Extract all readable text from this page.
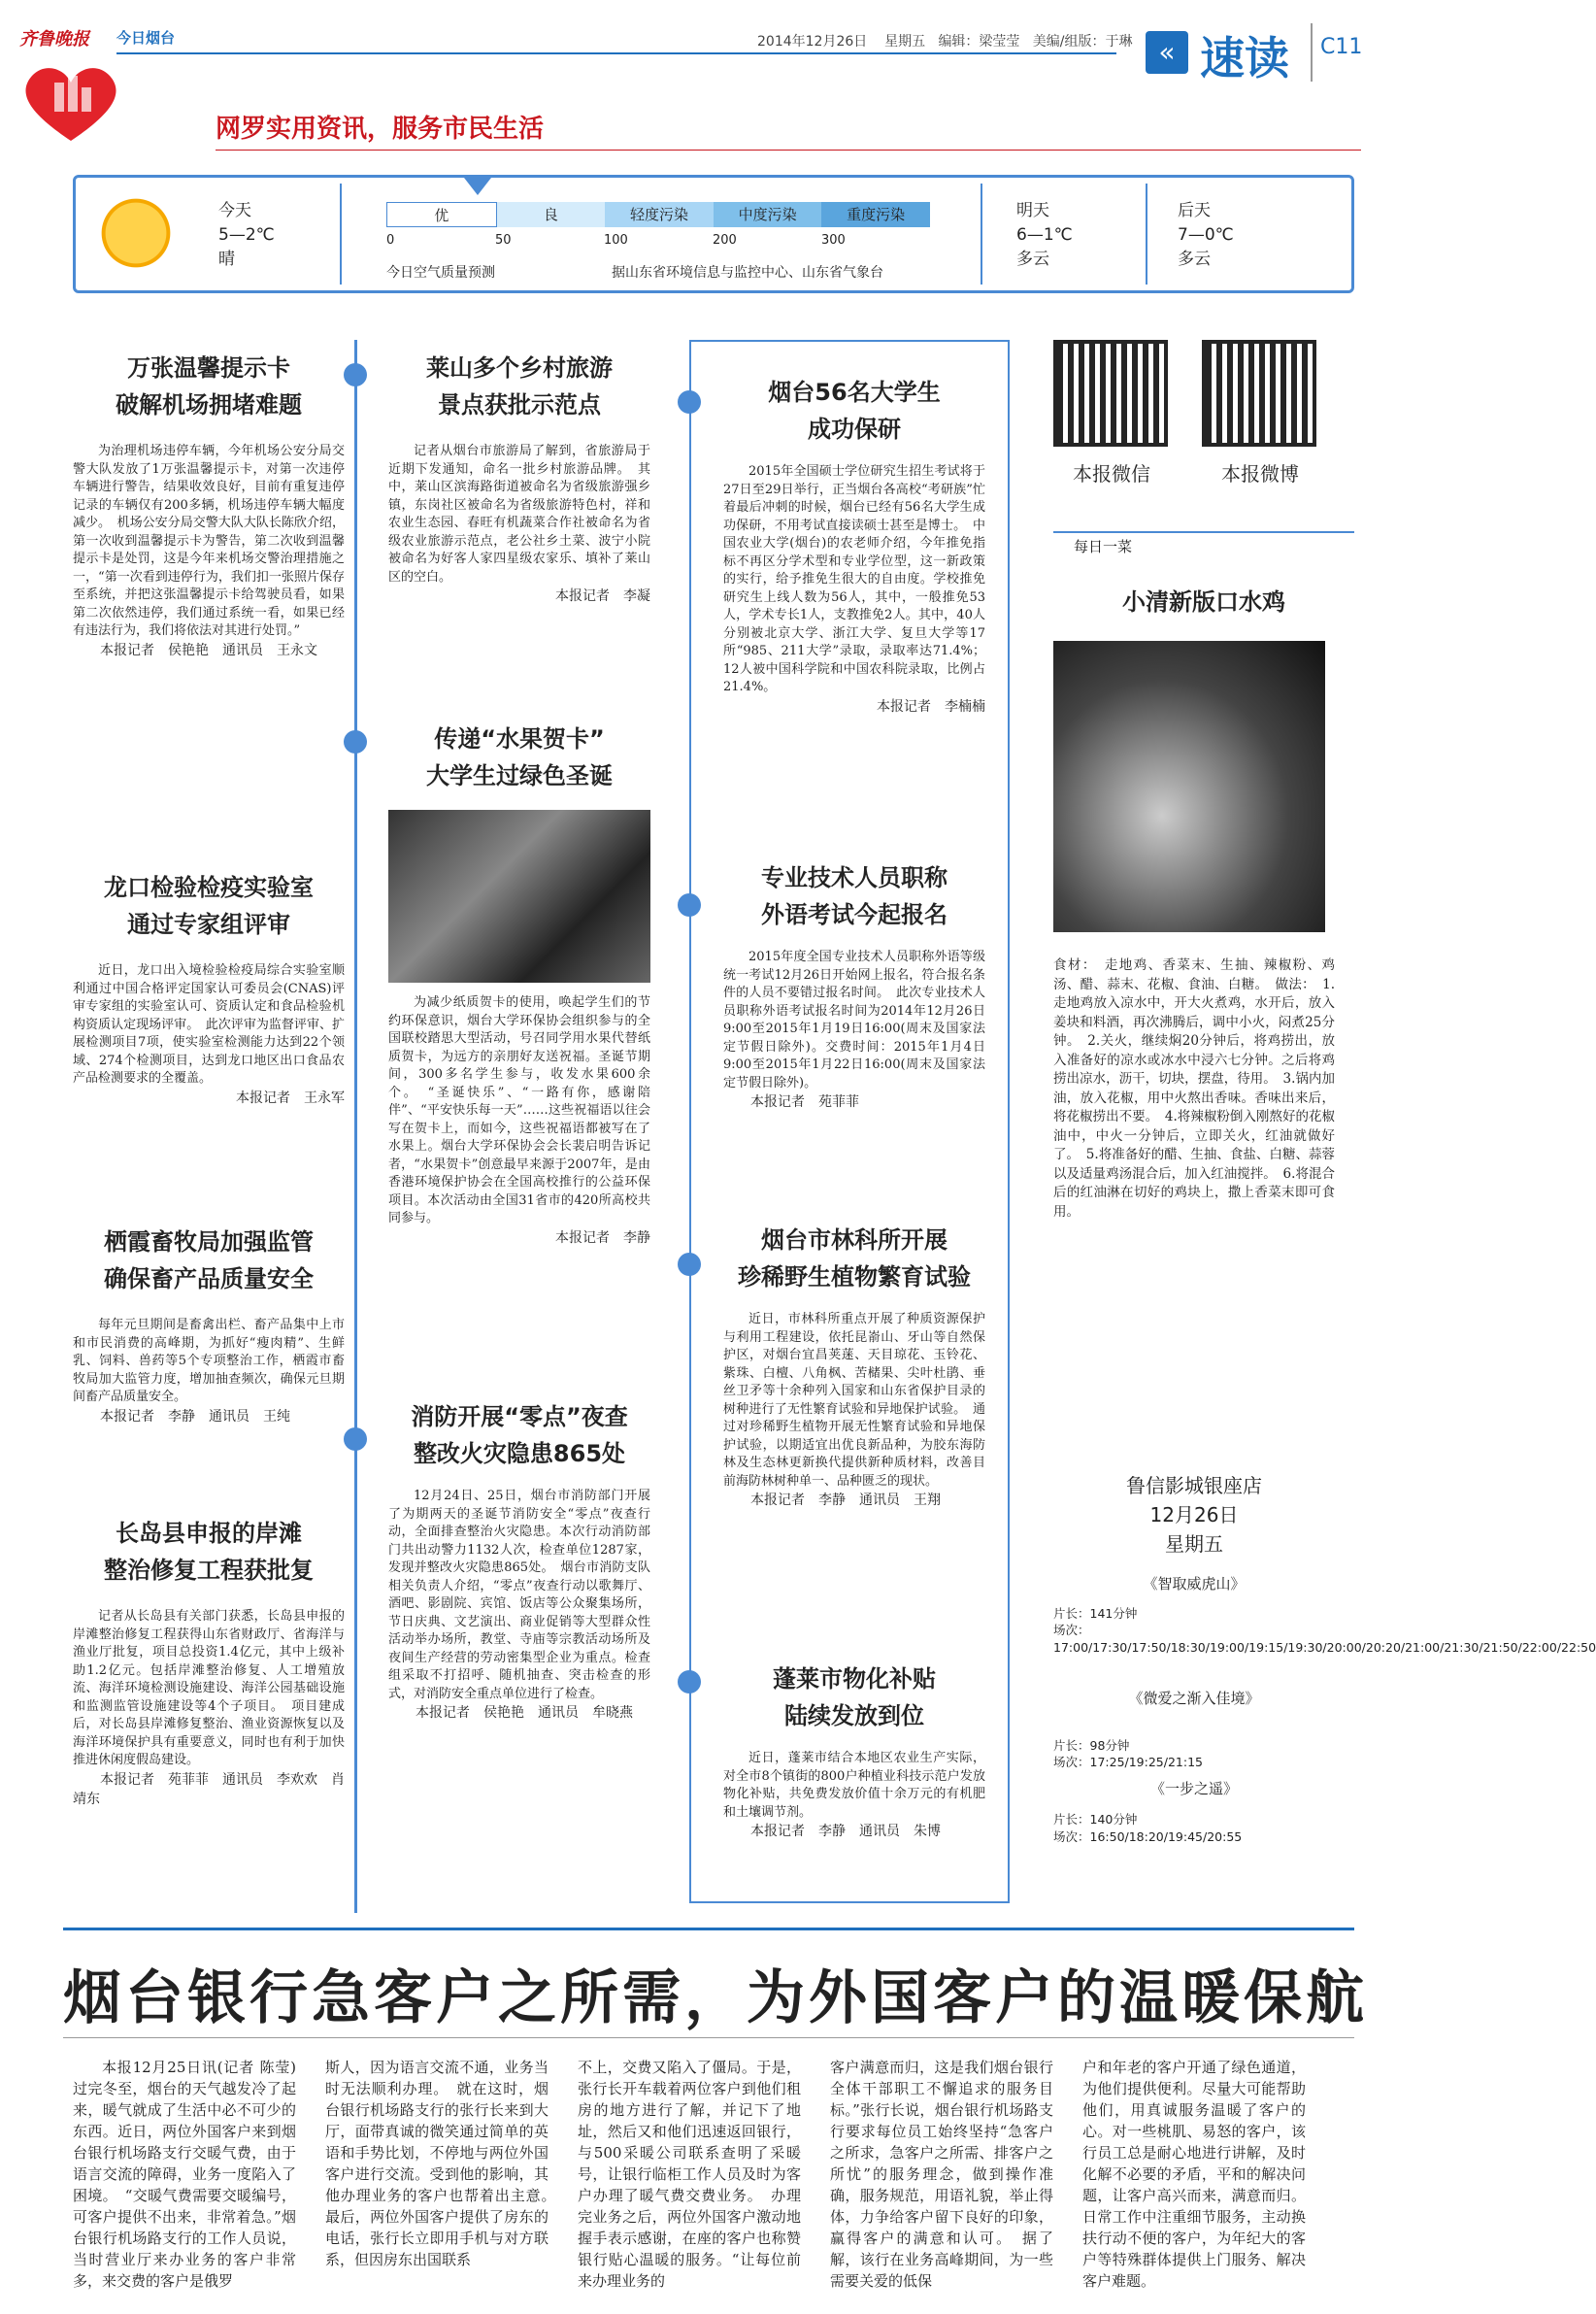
齐鲁晚报 今日烟台	2014年12月26日 星期五 编辑：梁莹莹 美编/组版：于琳 « 速读 C11
网罗实用资讯，服务市民生活
今天
5—2℃
晴
优	良	轻度污染	中度污染	重度污染
0	50	100	200	300
今日空气质量预测	据山东省环境信息与监控中心、山东省气象台
明天
6—1℃
多云
后天
7—0℃
多云
万张温馨提示卡
破解机场拥堵难题
为治理机场违停车辆，今年机场公安分局交警大队发放了1万张温馨提示卡，对第一次违停车辆进行警告，结果收效良好，目前有重复违停记录的车辆仅有200多辆，机场违停车辆大幅度减少。　机场公安分局交警大队大队长陈欣介绍，第一次收到温馨提示卡为警告，第二次收到温馨提示卡是处罚，这是今年来机场交警治理措施之一，“第一次看到违停行为，我们扣一张照片保存至系统，并把这张温馨提示卡给驾驶员看，如果第二次依然违停，我们通过系统一看，如果已经有违法行为，我们将依法对其进行处罚。”
本报记者　侯艳艳　通讯员　王永文
龙口检验检疫实验室
通过专家组评审
近日，龙口出入境检验检疫局综合实验室顺利通过中国合格评定国家认可委员会(CNAS)评审专家组的实验室认可、资质认定和食品检验机构资质认定现场评审。　此次评审为监督评审、扩展检测项目7项，使实验室检测能力达到22个领域、274个检测项目，达到龙口地区出口食品农产品检测要求的全覆盖。
本报记者　王永军
栖霞畜牧局加强监管
确保畜产品质量安全
每年元旦期间是畜禽出栏、畜产品集中上市和市民消费的高峰期，为抓好“瘦肉精”、生鲜乳、饲料、兽药等5个专项整治工作，栖霞市畜牧局加大监管力度，增加抽查频次，确保元旦期间畜产品质量安全。
本报记者　李静　通讯员　王纯
长岛县申报的岸滩
整治修复工程获批复
记者从长岛县有关部门获悉，长岛县申报的岸滩整治修复工程获得山东省财政厅、省海洋与渔业厅批复，项目总投资1.4亿元，其中上级补助1.2亿元。包括岸滩整治修复、人工增殖放流、海洋环境检测设施建设、海洋公园基础设施和监测监管设施建设等4个子项目。　项目建成后，对长岛县岸滩修复整治、渔业资源恢复以及海洋环境保护具有重要意义，同时也有利于加快推进休闲度假岛建设。
本报记者　苑菲菲　通讯员　李欢欢　肖靖东
莱山多个乡村旅游
景点获批示范点
记者从烟台市旅游局了解到，省旅游局于近期下发通知，命名一批乡村旅游品牌。　其中，莱山区滨海路街道被命名为省级旅游强乡镇，东岗社区被命名为省级旅游特色村，祥和农业生态园、春旺有机蔬菜合作社被命名为省级农业旅游示范点，老公社乡土菜、波宁小院被命名为好客人家四星级农家乐、填补了莱山区的空白。
本报记者　李凝
传递“水果贺卡”
大学生过绿色圣诞
为减少纸质贺卡的使用，唤起学生们的节约环保意识，烟台大学环保协会组织参与的全国联校踏思大型活动，号召同学用水果代替纸质贺卡，为远方的亲朋好友送祝福。圣诞节期间，300多名学生参与，收发水果600余个。　“圣诞快乐”、“一路有你，感谢陪伴”、“平安快乐每一天”……这些祝福语以往会写在贺卡上，而如今，这些祝福语都被写在了水果上。烟台大学环保协会会长裴启明告诉记者，“水果贺卡”创意最早来源于2007年，是由香港环境保护协会在全国高校推行的公益环保项目。本次活动由全国31省市的420所高校共同参与。
本报记者　李静
消防开展“零点”夜查
整改火灾隐患865处
12月24日、25日，烟台市消防部门开展了为期两天的圣诞节消防安全“零点”夜查行动，全面排查整治火灾隐患。本次行动消防部门共出动警力1132人次，检查单位1287家，发现并整改火灾隐患865处。　烟台市消防支队相关负责人介绍，“零点”夜查行动以歌舞厅、酒吧、影剧院、宾馆、饭店等公众聚集场所，节日庆典、文艺演出、商业促销等大型群众性活动举办场所，教堂、寺庙等宗教活动场所及夜间生产经营的劳动密集型企业为重点。检查组采取不打招呼、随机抽查、突击检查的形式，对消防安全重点单位进行了检查。
本报记者　侯艳艳　通讯员　牟晓燕
烟台56名大学生
成功保研
2015年全国硕士学位研究生招生考试将于27日至29日举行，正当烟台各高校“考研族”忙着最后冲刺的时候，烟台已经有56名大学生成功保研，不用考试直接读硕士甚至是博士。　中国农业大学(烟台)的农老师介绍，今年推免指标不再区分学术型和专业学位型，这一新政策的实行，给予推免生很大的自由度。学校推免研究生上线人数为56人，其中，一般推免53人，学术专长1人，支教推免2人。其中，40人分别被北京大学、浙江大学、复旦大学等17所“985、211大学”录取，录取率达71.4%；12人被中国科学院和中国农科院录取，比例占21.4%。
本报记者　李楠楠
专业技术人员职称
外语考试今起报名
2015年度全国专业技术人员职称外语等级统一考试12月26日开始网上报名，符合报名条件的人员不要错过报名时间。　此次专业技术人员职称外语考试报名时间为2014年12月26日9:00至2015年1月19日16:00(周末及国家法定节假日除外)。交费时间：2015年1月4日9:00至2015年1月22日16:00(周末及国家法定节假日除外)。
本报记者　苑菲菲
烟台市林科所开展
珍稀野生植物繁育试验
近日，市林科所重点开展了种质资源保护与利用工程建设，依托昆嵛山、牙山等自然保护区，对烟台宜昌荚蒾、天目琼花、玉铃花、紫珠、白檀、八角枫、苦槠果、尖叶杜鹃、垂丝卫矛等十余种列入国家和山东省保护目录的树种进行了无性繁育试验和异地保护试验。　通过对珍稀野生植物开展无性繁育试验和异地保护试验，以期适宜出优良新品种，为胶东海防林及生态林更新换代提供新种质材料，改善目前海防林树种单一、品种匮乏的现状。
本报记者　李静　通讯员　王翔
蓬莱市物化补贴
陆续发放到位
近日，蓬莱市结合本地区农业生产实际，对全市8个镇街的800户种植业科技示范户发放物化补贴，共免费发放价值十余万元的有机肥和土壤调节剂。
本报记者　李静　通讯员　朱博
本报微信	本报微博
每日一菜
小清新版口水鸡
食材：　走地鸡、香菜末、生抽、辣椒粉、鸡汤、醋、蒜末、花椒、食油、白糖。　做法：　1.走地鸡放入凉水中，开大火煮鸡，水开后，放入姜块和料酒，再次沸腾后，调中小火，闷煮25分钟。　2.关火，继续焖20分钟后，将鸡捞出，放入准备好的凉水或冰水中浸六七分钟。之后将鸡捞出凉水，沥干，切块，摆盘，待用。　3.锅内加油，放入花椒，用中火熬出香味。香味出来后，将花椒捞出不要。　4.将辣椒粉倒入刚熬好的花椒油中，中火一分钟后，立即关火，红油就做好了。　5.将准备好的醋、生抽、食盐、白糖、蒜蓉以及适量鸡汤混合后，加入红油搅拌。　6.将混合后的红油淋在切好的鸡块上，撒上香菜末即可食用。
鲁信影城银座店
12月26日
星期五
《智取威虎山》
片长：141分钟
场次：17:00/17:30/17:50/18:30/19:00/19:15/19:30/20:00/20:20/21:00/21:30/21:50/22:00/22:50
《微爱之渐入佳境》
片长：98分钟
场次：17:25/19:25/21:15
《一步之遥》
片长：140分钟
场次：16:50/18:20/19:45/20:55
烟台银行急客户之所需，为外国客户的温暖保航
本报12月25日讯(记者 陈莹) 过完冬至，烟台的天气越发冷了起来，暖气就成了生活中必不可少的东西。近日，两位外国客户来到烟台银行机场路支行交暖气费，由于语言交流的障碍，业务一度陷入了困境。　“交暖气费需要交暖编号，可客户提供不出来，非常着急。”烟台银行机场路支行的工作人员说，当时营业厅来办业务的客户非常多，来交费的客户是俄罗
斯人，因为语言交流不通，业务当时无法顺利办理。　就在这时，烟台银行机场路支行的张行长来到大厅，面带真诚的微笑通过简单的英语和手势比划，不停地与两位外国客户进行交流。受到他的影响，其他办理业务的客户也帮着出主意。　最后，两位外国客户提供了房东的电话，张行长立即用手机与对方联系，但因房东出国联系
不上，交费又陷入了僵局。于是，张行长开车载着两位客户到他们租房的地方进行了解，并记下了地址，然后又和他们迅速返回银行，与500采暖公司联系查明了采暖号，让银行临柜工作人员及时为客户办理了暖气费交费业务。　办理完业务之后，两位外国客户激动地握手表示感谢，在座的客户也称赞银行贴心温暖的服务。“让每位前来办理业务的
客户满意而归，这是我们烟台银行全体干部职工不懈追求的服务目标。”张行长说，烟台银行机场路支行要求每位员工始终坚持“急客户之所求，急客户之所需、排客户之所忧”的服务理念，做到操作准确，服务规范，用语礼貌，举止得体，力争给客户留下良好的印象，赢得客户的满意和认可。　据了解，该行在业务高峰期间，为一些需要关爱的低保
户和年老的客户开通了绿色通道，为他们提供便利。尽量大可能帮助他们，用真诚服务温暖了客户的心。对一些桃肌、易怒的客户，该行员工总是耐心地进行讲解，及时化解不必要的矛盾，平和的解决问题，让客户高兴而来，满意而归。日常工作中注重细节服务，主动换扶行动不便的客户，为年纪大的客户等特殊群体提供上门服务、解决客户难题。
